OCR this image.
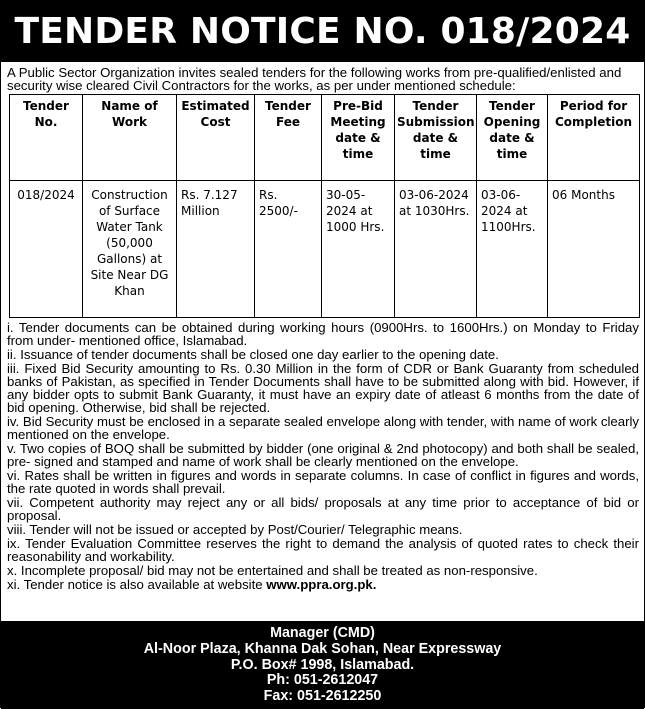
TENDER NOTICE NO. 018/2024

A Public Sector Organization invites sealed tenders for the following works from pre-qualified/enlisted and security wise cleared Civil Contractors for the works, as per under mentioned schedule:

Tender No.	Name of Work	Estimated Cost	Tender Fee	Pre-Bid Meeting date & time	Tender Submission date & time	Tender Opening date & time	Period for Completion
018/2024	Construction of Surface Water Tank (50,000 Gallons) at Site Near DG Khan	Rs. 7.127 Million	Rs. 2500/-	30-05-2024 at 1000 Hrs.	03-06-2024 at 1030Hrs.	03-06-2024 at 1100Hrs.	06 Months
i. Tender documents can be obtained during working hours (0900Hrs. to 1600Hrs.) on Monday to Friday from under- mentioned office, Islamabad.
ii. Issuance of tender documents shall be closed one day earlier to the opening date.
iii. Fixed Bid Security amounting to Rs. 0.30 Million in the form of CDR or Bank Guaranty from scheduled banks of Pakistan, as specified in Tender Documents shall have to be submitted along with bid. However, if any bidder opts to submit Bank Guaranty, it must have an expiry date of atleast 6 months from the date of bid opening. Otherwise, bid shall be rejected.
iv. Bid Security must be enclosed in a separate sealed envelope along with tender, with name of work clearly mentioned on the envelope.
v. Two copies of BOQ shall be submitted by bidder (one original & 2nd photocopy) and both shall be sealed, pre- signed and stamped and name of work shall be clearly mentioned on the envelope.
vi. Rates shall be written in figures and words in separate columns. In case of conflict in figures and words, the rate quoted in words shall prevail.
vii. Competent authority may reject any or all bids/ proposals at any time prior to acceptance of bid or proposal.
viii. Tender will not be issued or accepted by Post/Courier/ Telegraphic means.
ix. Tender Evaluation Committee reserves the right to demand the analysis of quoted rates to check their reasonability and workability.
x. Incomplete proposal/ bid may not be entertained and shall be treated as non-responsive.
xi. Tender notice is also available at website www.ppra.org.pk.
Manager (CMD)
Al-Noor Plaza, Khanna Dak Sohan, Near Expressway
P.O. Box# 1998, Islamabad.
Ph: 051-2612047
Fax: 051-2612250
